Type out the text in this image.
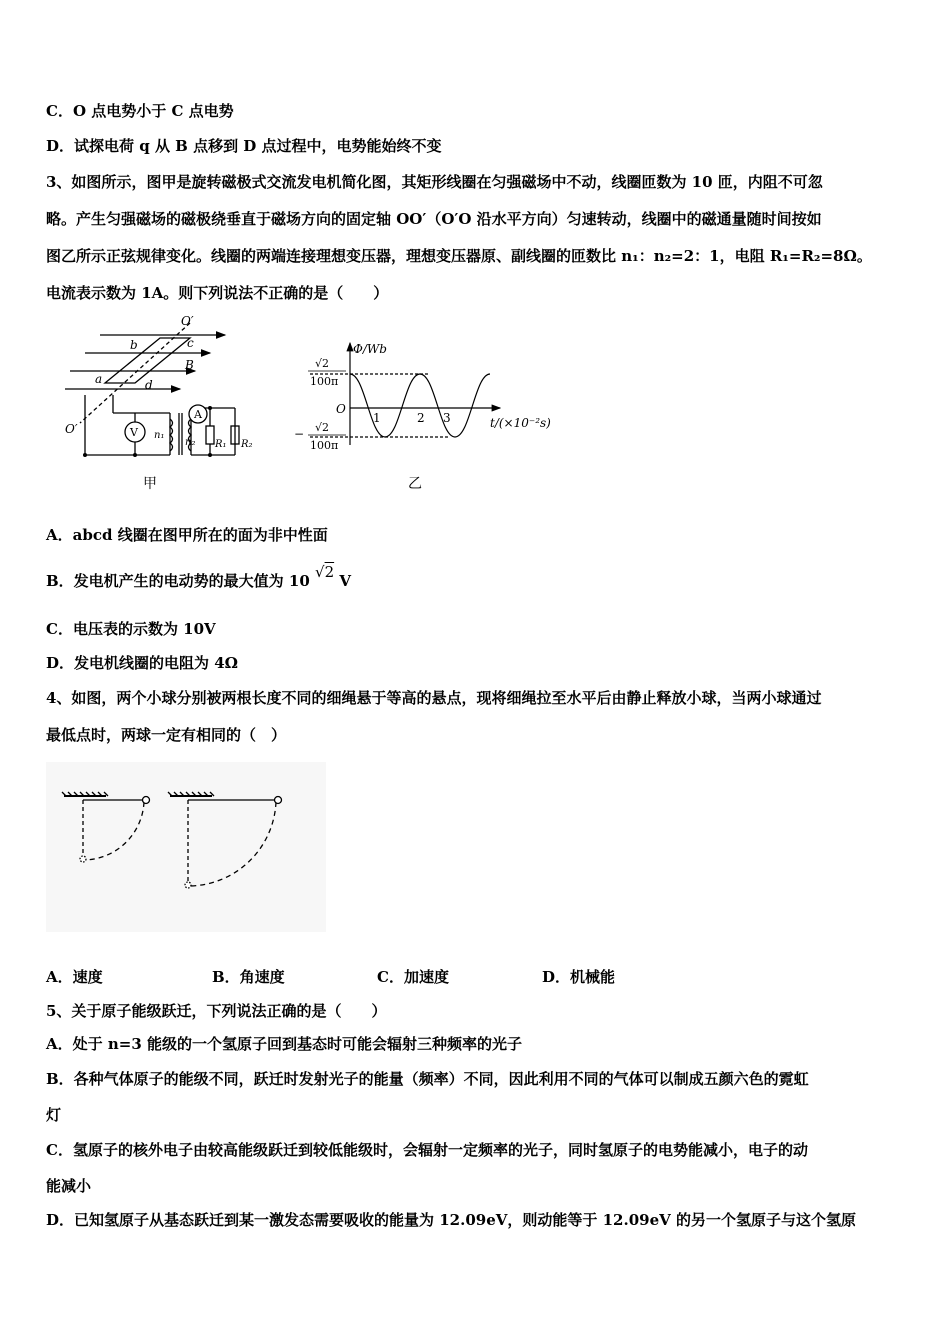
C．O 点电势小于 C 点电势
D．试探电荷 q 从 B 点移到 D 点过程中，电势能始终不变
3、如图所示，图甲是旋转磁极式交流发电机简化图，其矩形线圈在匀强磁场中不动，线圈匝数为 10 匝，内阻不可忽
略。产生匀强磁场的磁极绕垂直于磁场方向的固定轴 OO′（O′O 沿水平方向）匀速转动，线圈中的磁通量随时间按如
图乙所示正弦规律变化。线圈的两端连接理想变压器，理想变压器原、副线圈的匝数比 n₁：n₂=2：1，电阻 R₁=R₂=8Ω。
电流表示数为 1A。则下列说法不正确的是（　　）
O′
O′
b	c
a	d
B
V
A
n₁
n₂ R₁ R₂
甲
Φ/Wb
t/(×10⁻²s)
O
1	2 3
√2
100π
− √2
100π
乙
A．abcd 线圈在图甲所在的面为非中性面
B．发电机产生的电动势的最大值为 10 √2 V
C．电压表的示数为 10V
D．发电机线圈的电阻为 4Ω
4、如图，两个小球分别被两根长度不同的细绳悬于等高的悬点，现将细绳拉至水平后由静止释放小球，当两小球通过
最低点时，两球一定有相同的（　）
A．速度	B．角速度	C．加速度	D．机械能
5、关于原子能级跃迁，下列说法正确的是（　　）
A．处于 n=3 能级的一个氢原子回到基态时可能会辐射三种频率的光子
B．各种气体原子的能级不同，跃迁时发射光子的能量（频率）不同，因此利用不同的气体可以制成五颜六色的霓虹
灯
C．氢原子的核外电子由较高能级跃迁到较低能级时，会辐射一定频率的光子，同时氢原子的电势能减小，电子的动
能减小
D．已知氢原子从基态跃迁到某一激发态需要吸收的能量为 12.09eV，则动能等于 12.09eV 的另一个氢原子与这个氢原
